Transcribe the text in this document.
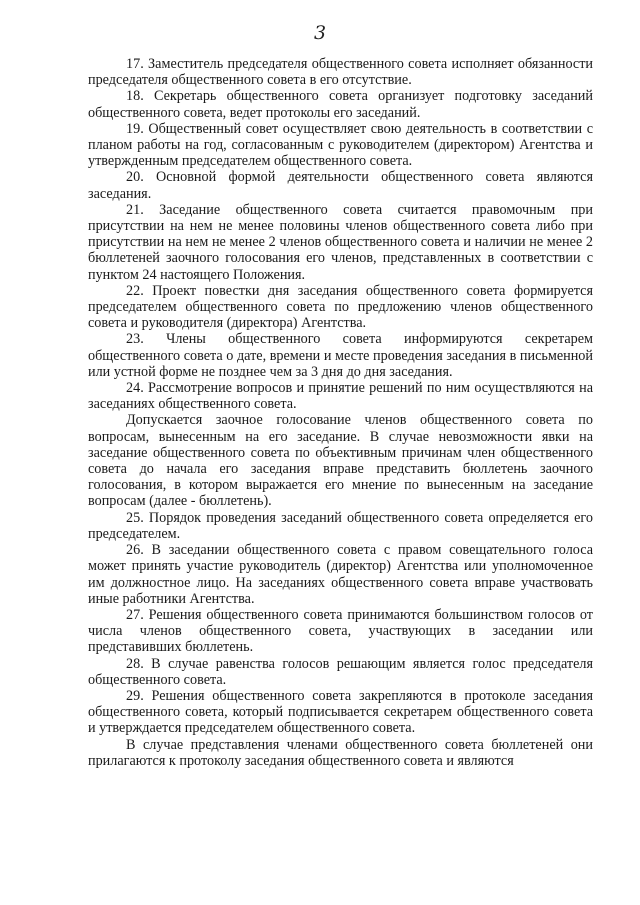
3

17. Заместитель председателя общественного совета исполняет обязанности председателя общественного совета в его отсутствие.

18. Секретарь общественного совета организует подготовку заседаний общественного совета, ведет протоколы его заседаний.

19. Общественный совет осуществляет свою деятельность в соответствии с планом работы на год, согласованным с руководителем (директором) Агентства и утвержденным председателем общественного совета.

20. Основной формой деятельности общественного совета являются заседания.

21. Заседание общественного совета считается правомочным при присутствии на нем не менее половины членов общественного совета либо при присутствии на нем не менее 2 членов общественного совета и наличии не менее 2 бюллетеней заочного голосования его членов, представленных в соответствии с пунктом 24 настоящего Положения.

22. Проект повестки дня заседания общественного совета формируется председателем общественного совета по предложению членов общественного совета и руководителя (директора) Агентства.

23. Члены общественного совета информируются секретарем общественного совета о дате, времени и месте проведения заседания в письменной или устной форме не позднее чем за 3 дня до дня заседания.

24. Рассмотрение вопросов и принятие решений по ним осуществляются на заседаниях общественного совета.

Допускается заочное голосование членов общественного совета по вопросам, вынесенным на его заседание. В случае невозможности явки на заседание общественного совета по объективным причинам член общественного совета до начала его заседания вправе представить бюллетень заочного голосования, в котором выражается его мнение по вынесенным на заседание вопросам (далее - бюллетень).

25. Порядок проведения заседаний общественного совета определяется его председателем.

26. В заседании общественного совета с правом совещательного голоса может принять участие руководитель (директор) Агентства или уполномоченное им должностное лицо. На заседаниях общественного совета вправе участвовать иные работники Агентства.

27. Решения общественного совета принимаются большинством голосов от числа членов общественного совета, участвующих в заседании или представивших бюллетень.

28. В случае равенства голосов решающим является голос председателя общественного совета.

29. Решения общественного совета закрепляются в протоколе заседания общественного совета, который подписывается секретарем общественного совета и утверждается председателем общественного совета.

В случае представления членами общественного совета бюллетеней они прилагаются к протоколу заседания общественного совета и являются
